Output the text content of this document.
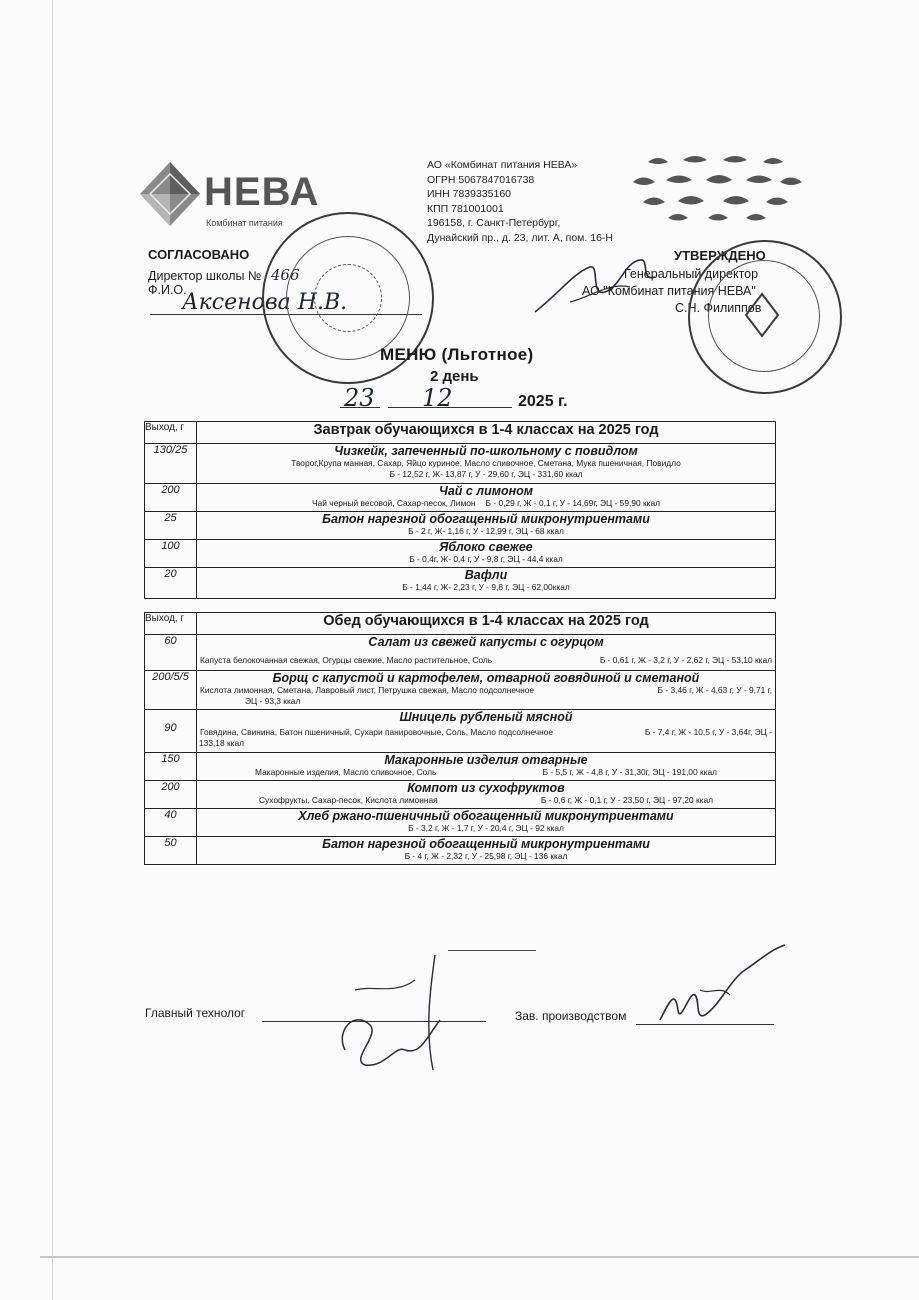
НЕВА
Комбинат питания
АО «Комбинат питания НЕВА»
ОГРН 5067847016738
ИНН 7839335160
КПП 781001001
196158, г. Санкт-Петербург,
Дунайский пр., д. 23, лит. А, пом. 16-Н
СОГЛАСОВАНО
Директор школы № 466
Ф.И.О.
Аксенова Н.В.
УТВЕРЖДЕНО
Генеральный директор
АО "Комбинат питания НЕВА"
С.Н. Филиппов
МЕНЮ (Льготное)
2 день
23 12	2025 г.
Выход, г	Завтрак обучающихся в 1-4 классах на 2025 год
130/25	Чизкейк, запеченный по-школьному с повидлом
Творог,Крупа манная, Сахар, Яйцо куриное, Масло сливочное, Сметана, Мука пшеничная, Повидло
Б - 12,52 г, Ж- 13,87 г, У - 29,60 г, ЭЦ - 331,60 ккал

200	Чай с лимоном
Чай черный весовой, Сахар-песок, Лимон Б - 0,29 г, Ж - 0,1 г, У - 14,69г, ЭЦ - 59,90 ккал

25	Батон нарезной обогащенный микронутриентами
Б - 2 г, Ж- 1,16 г, У - 12,99 г, ЭЦ - 68 ккал

100	Яблоко свежее
Б - 0,4г, Ж- 0,4 г, У - 9,8 г, ЭЦ - 44,4 ккал

20	Вафли
Б - 1,44 г, Ж- 2,23 г, У - 9,8 г, ЭЦ - 62,00ккал
Выход, г	Обед обучающихся в 1-4 классах на 2025 год
60	Салат из свежей капусты с огурцом
Капуста белокочанная свежая, Огурцы свежие, Масло растительное, Соль Б - 0,61 г, Ж - 3,2 г, У - 2,62 г, ЭЦ - 53,10 ккал

200/5/5	Борщ с капустой и картофелем, отварной говядиной и сметаной
Кислота лимонная, Сметана, Лавровый лист, Петрушка свежая, Масло подсолнечное Б - 3,46 г, Ж - 4,63 г, У - 9,71 г,
ЭЦ - 93,3 ккал

90	Шницель рубленый мясной
Говядина, Свинина, Батон пшеничный, Сухари панировочные, Соль, Масло подсолнечное Б - 7,4 г, Ж - 10,5 г, У - 3,64г, ЭЦ -
133,18 ккал

150	Макаронные изделия отварные
Макаронные изделия, Масло сливочное, Соль Б - 5,5 г, Ж - 4,8 г, У - 31,30г, ЭЦ - 191,00 ккал

200	Компот из сухофруктов
Сухофрукты, Сахар-песок, Кислота лимонная Б - 0,6 г, Ж - 0,1 г, У - 23,50 г, ЭЦ - 97,20 ккал

40	Хлеб ржано-пшеничный обогащенный микронутриентами
Б - 3,2 г, Ж - 1,7 г, У - 20,4 г, ЭЦ - 92 ккал

50	Батон нарезной обогащенный микронутриентами
Б - 4 г, Ж - 2,32 г, У - 25,98 г, ЭЦ - 136 ккал
Главный технолог	Зав. производством
